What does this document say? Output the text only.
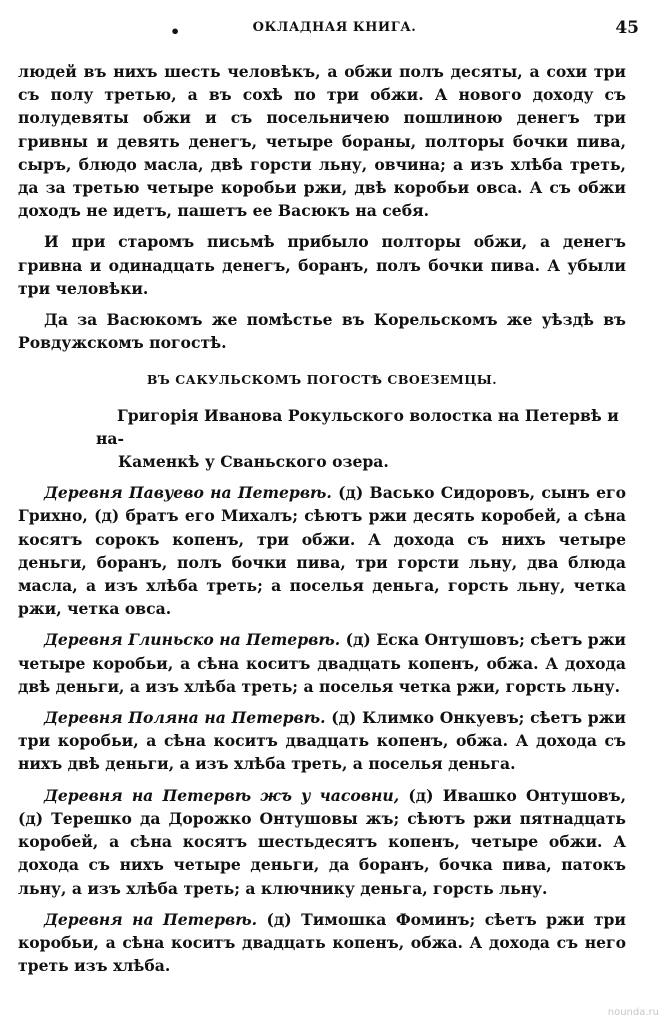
•	ОКЛАДНАЯ КНИГА.	45

людей въ нихъ шесть человѣкъ, а обжи полъ десяты, а сохи три съ полу третью, а въ сохѣ по три обжи. А нового доходу съ полудевяты обжи и съ посельничею пошлиною денегъ три гривны и девять денегъ, четыре бораны, полторы бочки пива, сыръ, блюдо масла, двѣ горсти льну, овчина; а изъ хлѣба треть, да за третью четыре коробьи ржи, двѣ коробьи овса. А съ обжи доходъ не идетъ, пашетъ ее Васюкъ на себя.

И при старомъ письмѣ прибыло полторы обжи, а денегъ гривна и одинадцать денегъ, боранъ, полъ бочки пива. А убыли три человѣки.

Да за Васюкомъ же помѣстье въ Корельскомъ же уѣздѣ въ Ровдужскомъ погостѣ.

ВЪ САКУЛЬСКОМЪ ПОГОСТѢ СВОЕЗЕМЦЫ.

Григорія Иванова Рокульского волостка на Петервѣ и на-

Каменкѣ у Сваньского озера.

Деревня Павуево на Петервѣ. (д) Васько Сидоровъ, сынъ его Грихно, (д) братъ его Михалъ; сѣютъ ржи десять коробей, а сѣна косятъ сорокъ копенъ, три обжи. А дохода съ нихъ четыре деньги, боранъ, полъ бочки пива, три горсти льну, два блюда масла, а изъ хлѣба треть; а поселья деньга, горсть льну, четка ржи, четка овса.

Деревня Глиньско на Петервѣ. (д) Еска Онтушовъ; сѣетъ ржи четыре коробьи, а сѣна коситъ двадцать копенъ, обжа. А дохода двѣ деньги, а изъ хлѣба треть; а поселья четка ржи, горсть льну.

Деревня Поляна на Петервѣ. (д) Климко Онкуевъ; сѣетъ ржи три коробьи, а сѣна коситъ двадцать копенъ, обжа. А дохода съ нихъ двѣ деньги, а изъ хлѣба треть, а поселья деньга.

Деревня на Петервѣ жъ у часовни, (д) Ивашко Онтушовъ, (д) Терешко да Дорожко Онтушовы жъ; сѣютъ ржи пятнадцать коробей, а сѣна косятъ шестьдесятъ копенъ, четыре обжи. А дохода съ нихъ четыре деньги, да боранъ, бочка пива, патокъ льну, а изъ хлѣба треть; а ключнику деньга, горсть льну.

Деревня на Петервѣ. (д) Тимошка Фоминъ; сѣетъ ржи три коробьи, а сѣна коситъ двадцать копенъ, обжа. А дохода съ него треть изъ хлѣба.

nounda.ru
